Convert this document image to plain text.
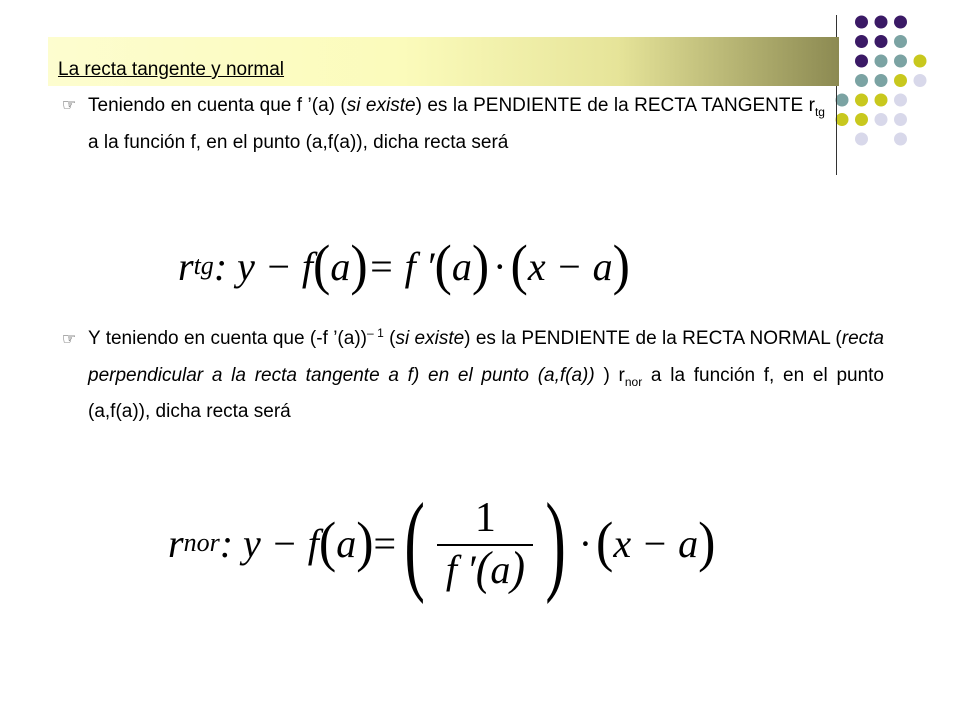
La recta tangente y normal
☞ Teniendo en cuenta que f ’(a) (si existe) es la PENDIENTE de la RECTA TANGENTE $r_{tg}$ a la función f, en el punto (a,f(a)), dicha recta será
r tg : y − f ( a ) = f ′ ( a ) · ( x − a )
☞ Y teniendo en cuenta que (-f ’(a))$^{- 1}$ (si existe) es la PENDIENTE de la RECTA NORMAL (recta perpendicular a la recta tangente a f) en el punto (a,f(a)) ) $r_{nor}$ a la función f, en el punto (a,f(a)), dicha recta será
r nor : y − f ( a ) = ( $\frac{1}{f '(a)}$ ) · ( x − a )
